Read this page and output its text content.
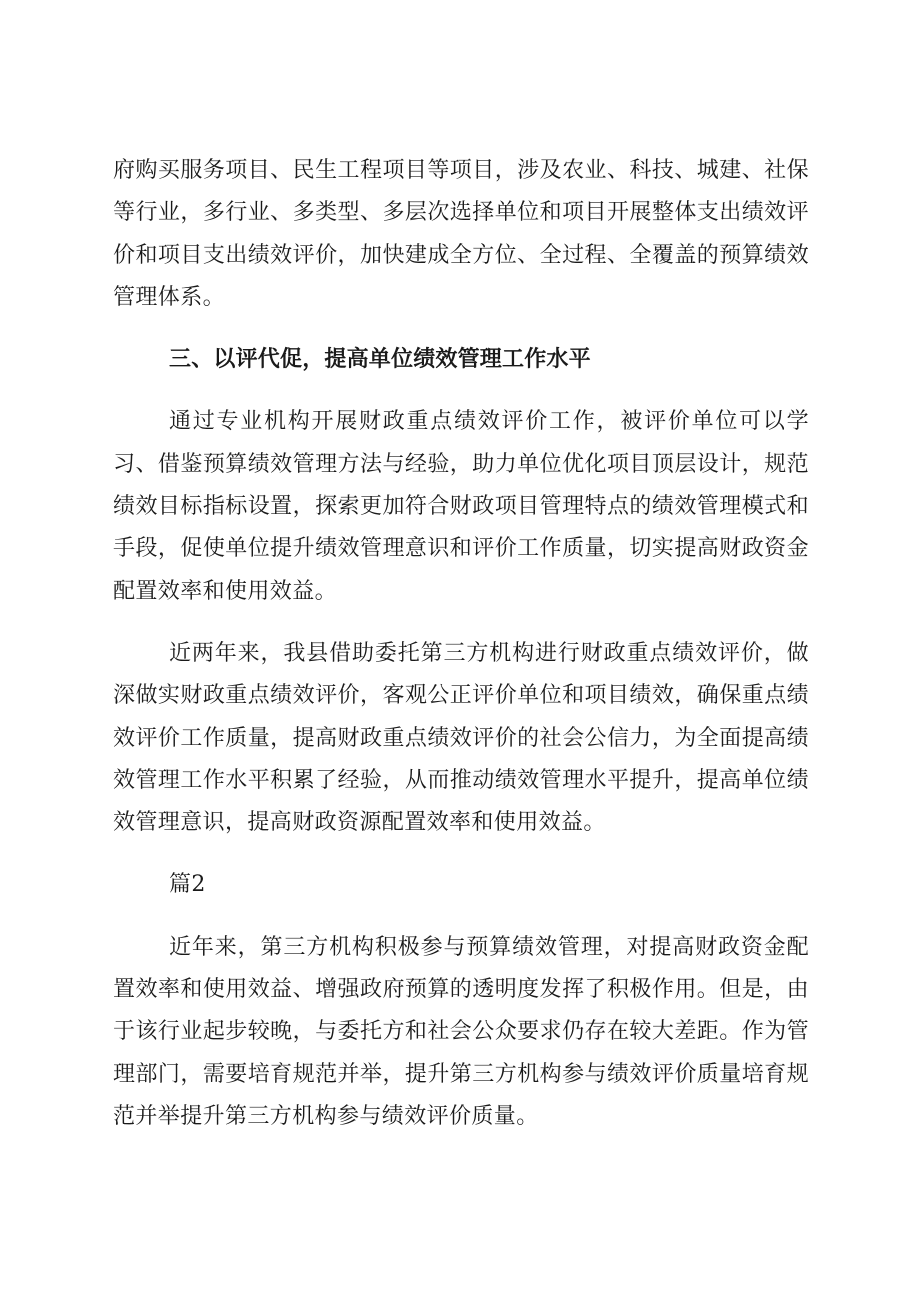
府购买服务项目、民生工程项目等项目，涉及农业、科技、城建、社保等行业，多行业、多类型、多层次选择单位和项目开展整体支出绩效评价和项目支出绩效评价，加快建成全方位、全过程、全覆盖的预算绩效管理体系。

三、以评代促，提高单位绩效管理工作水平

通过专业机构开展财政重点绩效评价工作，被评价单位可以学习、借鉴预算绩效管理方法与经验，助力单位优化项目顶层设计，规范绩效目标指标设置，探索更加符合财政项目管理特点的绩效管理模式和手段，促使单位提升绩效管理意识和评价工作质量，切实提高财政资金配置效率和使用效益。

近两年来，我县借助委托第三方机构进行财政重点绩效评价，做深做实财政重点绩效评价，客观公正评价单位和项目绩效，确保重点绩效评价工作质量，提高财政重点绩效评价的社会公信力，为全面提高绩效管理工作水平积累了经验，从而推动绩效管理水平提升，提高单位绩效管理意识，提高财政资源配置效率和使用效益。

篇2

近年来，第三方机构积极参与预算绩效管理，对提高财政资金配置效率和使用效益、增强政府预算的透明度发挥了积极作用。但是，由于该行业起步较晚，与委托方和社会公众要求仍存在较大差距。作为管理部门，需要培育规范并举，提升第三方机构参与绩效评价质量培育规范并举提升第三方机构参与绩效评价质量。
